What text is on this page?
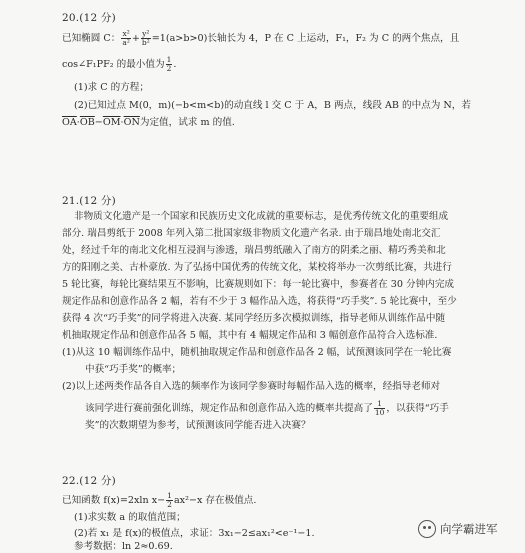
20.(12 分)
已知椭圆 C： $\frac{\text{x²}}{\text{a²}} + \frac{\text{y²}}{\text{b²}} =1(a>b>0)$长轴长为 4，P 在 C 上运动，F₁，F₂ 为 C 的两个焦点，且
cos∠F₁PF₂ 的最小值为 $\frac{1}{2}$ .
(1)求 C 的方程；
(2)已知过点 M(0，m)(−b<m<b)的动直线 l 交 C 于 A，B 两点，线段 AB 的中点为 N，若
$\overline{OA}\cdot\overline{OB}-\overline{OM}\cdot\overline{ON}$为定值，试求 m 的值.
21.(12 分)
非物质文化遗产是一个国家和民族历史文化成就的重要标志，是优秀传统文化的重要组成
部分. 瑞昌剪纸于 2008 年列入第二批国家级非物质文化遗产名录. 由于瑞昌地处南北交汇
处，经过千年的南北文化相互浸润与渗透，瑞昌剪纸融入了南方的阴柔之丽、精巧秀美和北
方的阳刚之美、古朴豪放. 为了弘扬中国优秀的传统文化，某校将举办一次剪纸比赛，共进行
5 轮比赛，每轮比赛结果互不影响，比赛规则如下：每一轮比赛中，参赛者在 30 分钟内完成
规定作品和创意作品各 2 幅，若有不少于 3 幅作品入选，将获得“巧手奖”. 5 轮比赛中，至少
获得 4 次“巧手奖”的同学将进入决赛. 某同学经历多次模拟训练，指导老师从训练作品中随
机抽取规定作品和创意作品各 5 幅，其中有 4 幅规定作品和 3 幅创意作品符合入选标准.
(1)从这 10 幅训练作品中，随机抽取规定作品和创意作品各 2 幅，试预测该同学在一轮比赛
中获“巧手奖”的概率；
(2)以上述两类作品各自入选的频率作为该同学参赛时每幅作品入选的概率，经指导老师对
该同学进行赛前强化训练，规定作品和创意作品入选的概率共提高了 $\frac{1}{10}$ ，以获得“巧手
奖”的次数期望为参考，试预测该同学能否进入决赛？
22.(12 分)
已知函数 f(x)=2xln $x- \frac{1}{2} ax^2-x$ 存在极值点.
(1)求实数 a 的取值范围；
(2)若 x₁ 是 f(x)的极值点，求证：3x₁−2≤ax₁²<e⁻¹−1.
参考数据：ln 2≈0.69.
向学霸进军
